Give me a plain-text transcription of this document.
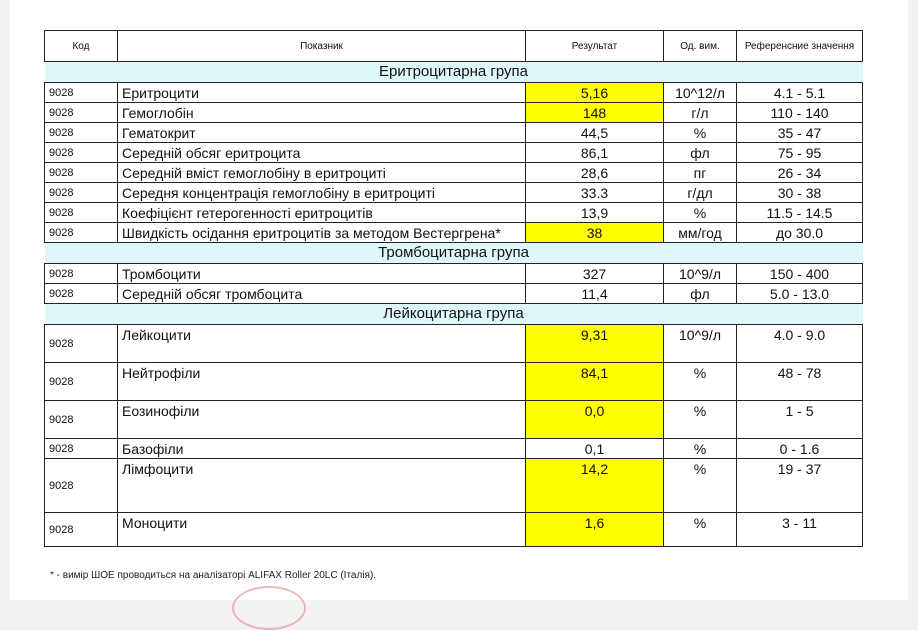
Код	Показник	Результат	Од. вим.	Референсние значення
Еритроцитарна група				
9028	Еритроцити	5,16	10^12/л	4.1 - 5.1
9028	Гемоглобін	148	г/л	110 - 140
9028	Гематокрит	44,5	%	35 - 47
9028	Середній обсяг еритроцита	86,1	фл	75 - 95
9028	Середній вміст гемоглобіну в еритроциті	28,6	пг	26 - 34
9028	Середня концентрація гемоглобіну в еритроциті	33.3	г/дл	30 - 38
9028	Коефіцієнт гетерогенності еритроцитів	13,9	%	11.5 - 14.5
9028	Швидкість осідання еритроцитів за методом Вестергрена*	38	мм/год	до 30.0
Тромбоцитарна група				
9028	Тромбоцити	327	10^9/л	150 - 400
9028	Середній обсяг тромбоцита	11,4	фл	5.0 - 13.0
Лейкоцитарна група				
9028	Лейкоцити	9,31	10^9/л	4.0 - 9.0
9028	Нейтрофіли	84,1	%	48 - 78
9028	Еозинофіли	0,0	%	1 - 5
9028	Базофіли	0,1	%	0 - 1.6
9028	Лімфоцити	14,2	%	19 - 37
9028	Моноцити	1,6	%	3 - 11
* - вимір ШОЕ проводиться на аналізаторі ALIFAX Roller 20LC (Італія).
